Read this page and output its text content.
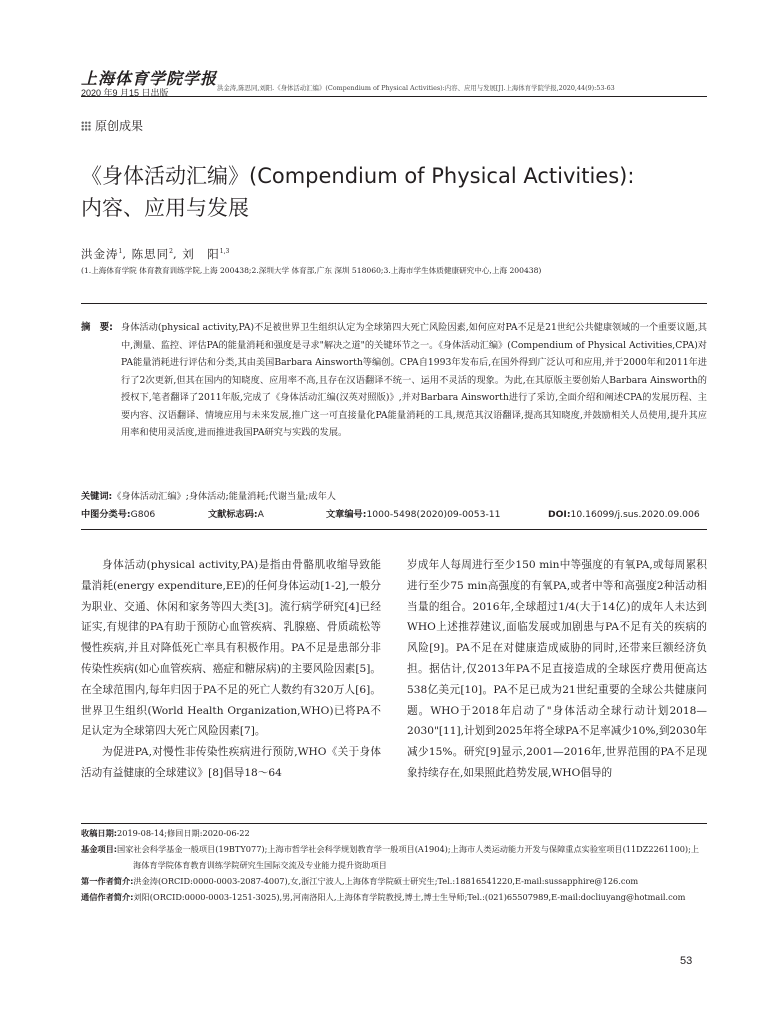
上海体育学院学报
2020 年9 月15 日出版	洪金涛,陈思同,刘阳.《身体活动汇编》(Compendium of Physical Activities):内容、应用与发展[J].上海体育学院学报,2020,44(9):53-63
原创成果
《身体活动汇编》(Compendium of Physical Activities):
内容、应用与发展
洪金涛$^1$, 陈思同$^2$, 刘　阳$^{1,3}$
(1.上海体育学院 体育教育训练学院,上海 200438;2.深圳大学 体育部,广东 深圳 518060;3.上海市学生体质健康研究中心,上海 200438)
摘　要: 身体活动(physical activity,PA)不足被世界卫生组织认定为全球第四大死亡风险因素,如何应对PA不足是21世纪公共健康领域的一个重要议题,其中,测量、监控、评估PA的能量消耗和强度是寻求"解决之道"的关键环节之一。《身体活动汇编》(Compendium of Physical Activities,CPA)对PA能量消耗进行评估和分类,其由美国Barbara Ainsworth等编创。CPA自1993年发布后,在国外得到广泛认可和应用,并于2000年和2011年进行了2次更新,但其在国内的知晓度、应用率不高,且存在汉语翻译不统一、运用不灵活的现象。为此,在其原版主要创始人Barbara Ainsworth的授权下,笔者翻译了2011年版,完成了《身体活动汇编(汉英对照版)》,并对Barbara Ainsworth进行了采访,全面介绍和阐述CPA的发展历程、主要内容、汉语翻译、情境应用与未来发展,推广这一可直接量化PA能量消耗的工具,规范其汉语翻译,提高其知晓度,并鼓励相关人员使用,提升其应用率和使用灵活度,进而推进我国PA研究与实践的发展。
关键词:《身体活动汇编》;身体活动;能量消耗;代谢当量;成年人
中图分类号:G806	文献标志码:A	文章编号:1000-5498(2020)09-0053-11	DOI:10.16099/j.sus.2020.09.006

身体活动(physical activity,PA)是指由骨骼肌收缩导致能量消耗(energy expenditure,EE)的任何身体运动[1-2],一般分为职业、交通、休闲和家务等四大类[3]。流行病学研究[4]已经证实,有规律的PA有助于预防心血管疾病、乳腺癌、骨质疏松等慢性疾病,并且对降低死亡率具有积极作用。PA不足是患部分非传染性疾病(如心血管疾病、癌症和糖尿病)的主要风险因素[5]。在全球范围内,每年归因于PA不足的死亡人数约有320万人[6]。世界卫生组织(World Health Organization,WHO)已将PA不足认定为全球第四大死亡风险因素[7]。

为促进PA,对慢性非传染性疾病进行预防,WHO《关于身体活动有益健康的全球建议》[8]倡导18～64

岁成年人每周进行至少150 min中等强度的有氧PA,或每周累积进行至少75 min高强度的有氧PA,或者中等和高强度2种活动相当量的组合。2016年,全球超过1/4(大于14亿)的成年人未达到WHO上述推荐建议,面临发展或加剧患与PA不足有关的疾病的风险[9]。PA不足在对健康造成威胁的同时,还带来巨额经济负担。据估计,仅2013年PA不足直接造成的全球医疗费用便高达538亿美元[10]。PA不足已成为21世纪重要的全球公共健康问题。WHO于2018年启动了"身体活动全球行动计划2018—2030"[11],计划到2025年将全球PA不足率减少10%,到2030年减少15%。研究[9]显示,2001—2016年,世界范围的PA不足现象持续存在,如果照此趋势发展,WHO倡导的

收稿日期:2019-08-14;修回日期:2020-06-22
基金项目:国家社会科学基金一般项目(19BTY077);上海市哲学社会科学规划教育学一般项目(A1904);上海市人类运动能力开发与保障重点实验室项目(11DZ2261100);上海体育学院体育教育训练学院研究生国际交流及专业能力提升资助项目
第一作者简介:洪金涛(ORCID:0000-0003-2087-4007),女,浙江宁波人,上海体育学院硕士研究生;Tel.:18816541220,E-mail:sussapphire@126.com
通信作者简介:刘阳(ORCID:0000-0003-1251-3025),男,河南洛阳人,上海体育学院教授,博士,博士生导师;Tel.:(021)65507989,E-mail:docliuyang@hotmail.com
53
